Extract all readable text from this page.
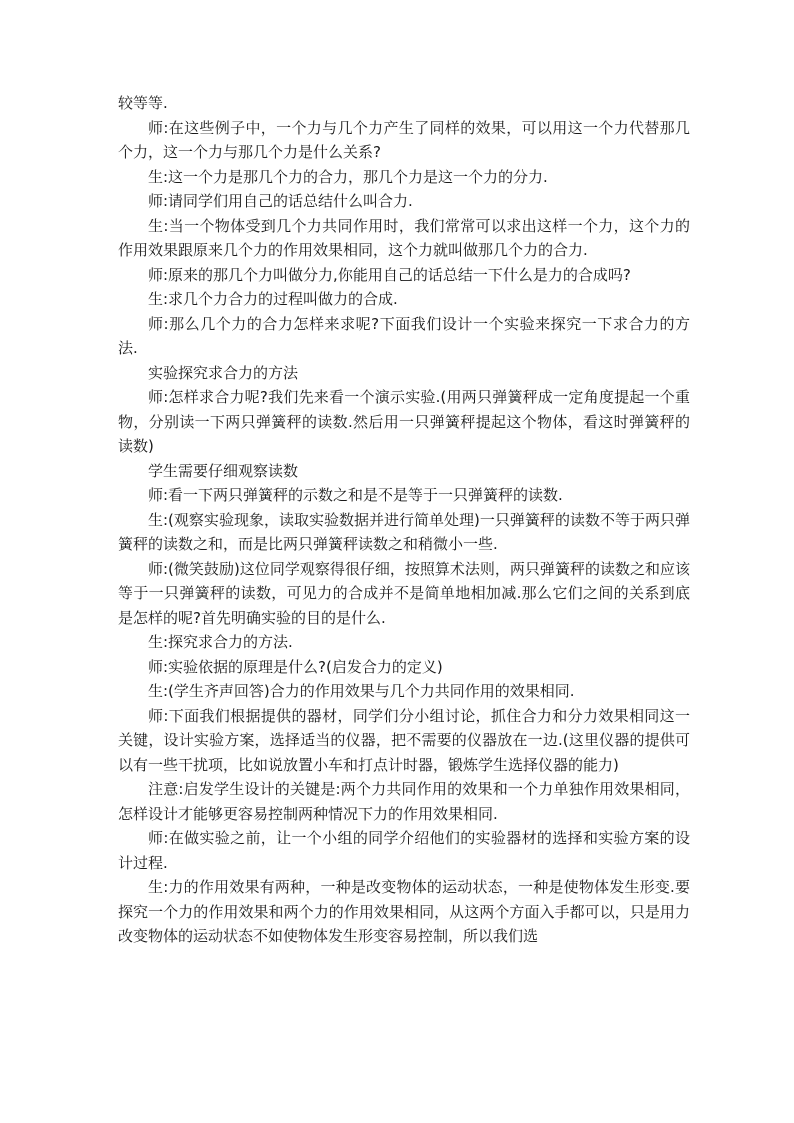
较等等.

师:在这些例子中，一个力与几个力产生了同样的效果，可以用这一个力代替那几个力，这一个力与那几个力是什么关系?

生:这一个力是那几个力的合力，那几个力是这一个力的分力.

师:请同学们用自己的话总结什么叫合力.

生:当一个物体受到几个力共同作用时，我们常常可以求出这样一个力，这个力的作用效果跟原来几个力的作用效果相同，这个力就叫做那几个力的合力.

师:原来的那几个力叫做分力,你能用自己的话总结一下什么是力的合成吗?

生:求几个力合力的过程叫做力的合成.

师:那么几个力的合力怎样来求呢?下面我们设计一个实验来探究一下求合力的方法.

实验探究求合力的方法

师:怎样求合力呢?我们先来看一个演示实验.(用两只弹簧秤成一定角度提起一个重物，分别读一下两只弹簧秤的读数.然后用一只弹簧秤提起这个物体，看这时弹簧秤的读数)

学生需要仔细观察读数

师:看一下两只弹簧秤的示数之和是不是等于一只弹簧秤的读数.

生:(观察实验现象，读取实验数据并进行简单处理)一只弹簧秤的读数不等于两只弹簧秤的读数之和，而是比两只弹簧秤读数之和稍微小一些.

师:(微笑鼓励)这位同学观察得很仔细，按照算术法则，两只弹簧秤的读数之和应该等于一只弹簧秤的读数，可见力的合成并不是简单地相加减.那么它们之间的关系到底是怎样的呢?首先明确实验的目的是什么.

生:探究求合力的方法.

师:实验依据的原理是什么?(启发合力的定义)

生:(学生齐声回答)合力的作用效果与几个力共同作用的效果相同.

师:下面我们根据提供的器材，同学们分小组讨论，抓住合力和分力效果相同这一关键，设计实验方案，选择适当的仪器，把不需要的仪器放在一边.(这里仪器的提供可以有一些干扰项，比如说放置小车和打点计时器，锻炼学生选择仪器的能力)

注意:启发学生设计的关键是:两个力共同作用的效果和一个力单独作用效果相同，怎样设计才能够更容易控制两种情况下力的作用效果相同.

师:在做实验之前，让一个小组的同学介绍他们的实验器材的选择和实验方案的设计过程.

生:力的作用效果有两种，一种是改变物体的运动状态，一种是使物体发生形变.要探究一个力的作用效果和两个力的作用效果相同，从这两个方面入手都可以，只是用力改变物体的运动状态不如使物体发生形变容易控制，所以我们选
